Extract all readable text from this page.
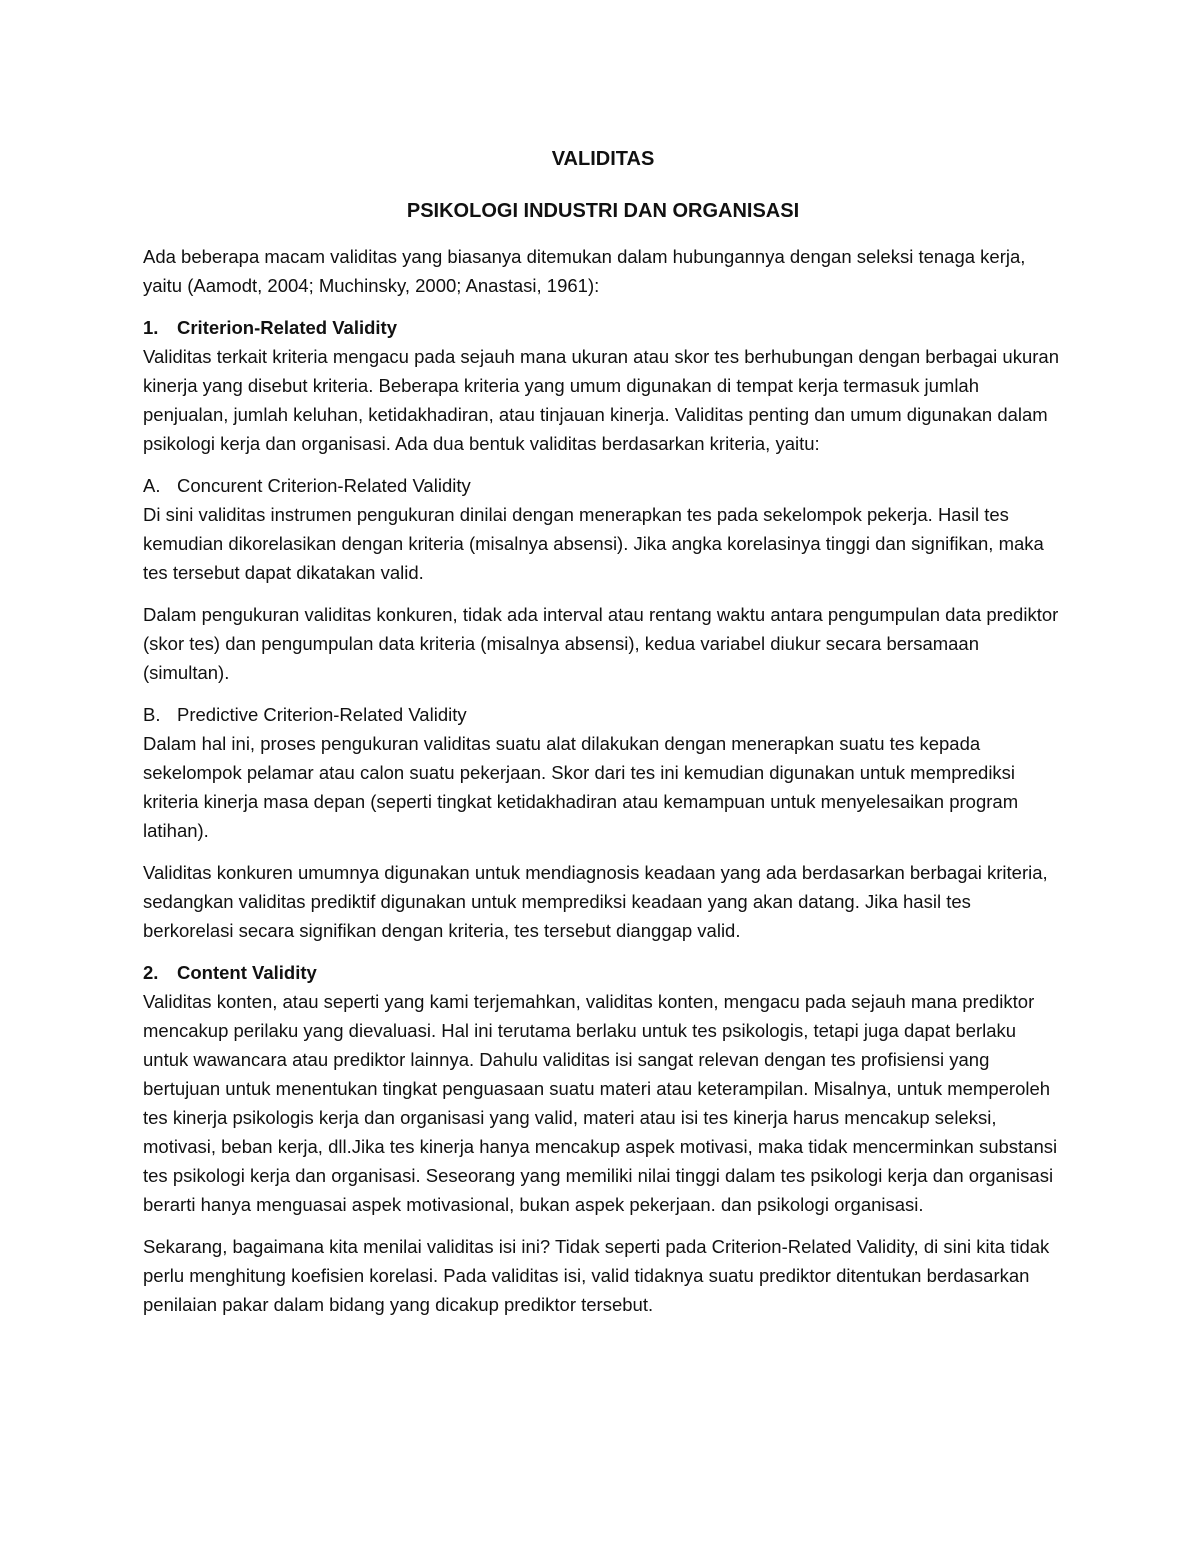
VALIDITAS
PSIKOLOGI INDUSTRI DAN ORGANISASI

Ada beberapa macam validitas yang biasanya ditemukan dalam hubungannya dengan seleksi tenaga kerja, yaitu (Aamodt, 2004; Muchinsky, 2000; Anastasi, 1961):

1. Criterion-Related Validity

Validitas terkait kriteria mengacu pada sejauh mana ukuran atau skor tes berhubungan dengan berbagai ukuran kinerja yang disebut kriteria. Beberapa kriteria yang umum digunakan di tempat kerja termasuk jumlah penjualan, jumlah keluhan, ketidakhadiran, atau tinjauan kinerja. Validitas penting dan umum digunakan dalam psikologi kerja dan organisasi. Ada dua bentuk validitas berdasarkan kriteria, yaitu:

A. Concurent Criterion-Related Validity

Di sini validitas instrumen pengukuran dinilai dengan menerapkan tes pada sekelompok pekerja. Hasil tes kemudian dikorelasikan dengan kriteria (misalnya absensi). Jika angka korelasinya tinggi dan signifikan, maka tes tersebut dapat dikatakan valid.

Dalam pengukuran validitas konkuren, tidak ada interval atau rentang waktu antara pengumpulan data prediktor (skor tes) dan pengumpulan data kriteria (misalnya absensi), kedua variabel diukur secara bersamaan (simultan).

B. Predictive Criterion-Related Validity

Dalam hal ini, proses pengukuran validitas suatu alat dilakukan dengan menerapkan suatu tes kepada sekelompok pelamar atau calon suatu pekerjaan. Skor dari tes ini kemudian digunakan untuk memprediksi kriteria kinerja masa depan (seperti tingkat ketidakhadiran atau kemampuan untuk menyelesaikan program latihan).

Validitas konkuren umumnya digunakan untuk mendiagnosis keadaan yang ada berdasarkan berbagai kriteria, sedangkan validitas prediktif digunakan untuk memprediksi keadaan yang akan datang. Jika hasil tes berkorelasi secara signifikan dengan kriteria, tes tersebut dianggap valid.

2. Content Validity

Validitas konten, atau seperti yang kami terjemahkan, validitas konten, mengacu pada sejauh mana prediktor mencakup perilaku yang dievaluasi. Hal ini terutama berlaku untuk tes psikologis, tetapi juga dapat berlaku untuk wawancara atau prediktor lainnya. Dahulu validitas isi sangat relevan dengan tes profisiensi yang bertujuan untuk menentukan tingkat penguasaan suatu materi atau keterampilan. Misalnya, untuk memperoleh tes kinerja psikologis kerja dan organisasi yang valid, materi atau isi tes kinerja harus mencakup seleksi, motivasi, beban kerja, dll.Jika tes kinerja hanya mencakup aspek motivasi, maka tidak mencerminkan substansi tes psikologi kerja dan organisasi. Seseorang yang memiliki nilai tinggi dalam tes psikologi kerja dan organisasi berarti hanya menguasai aspek motivasional, bukan aspek pekerjaan. dan psikologi organisasi.

Sekarang, bagaimana kita menilai validitas isi ini? Tidak seperti pada Criterion-Related Validity, di sini kita tidak perlu menghitung koefisien korelasi. Pada validitas isi, valid tidaknya suatu prediktor ditentukan berdasarkan penilaian pakar dalam bidang yang dicakup prediktor tersebut.
